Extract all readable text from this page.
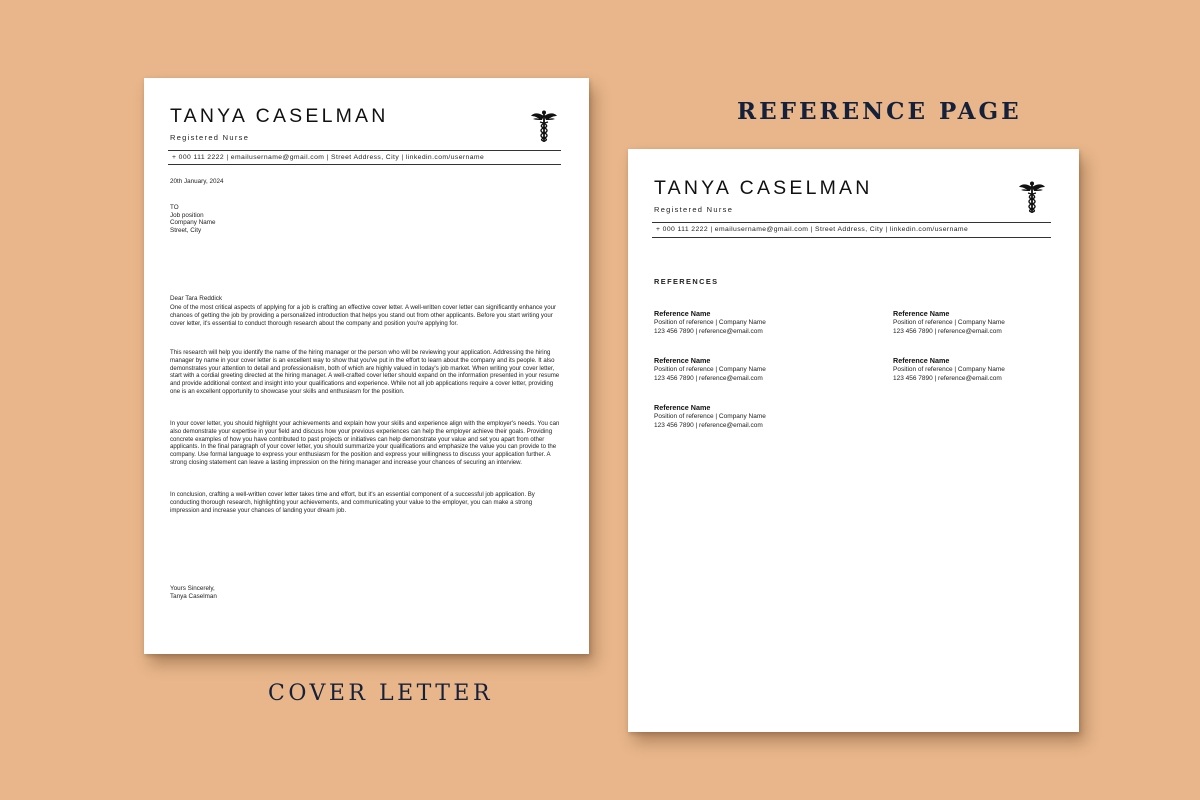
REFERENCE PAGE
TANYA CASELMAN
Registered Nurse
+ 000 111 2222 | emailusername@gmail.com | Street Address, City | linkedin.com/username
20th January, 2024
TO
Job position
Company Name
Street, City
Dear Tara Reddick
One of the most critical aspects of applying for a job is crafting an effective cover letter. A well-written cover letter can significantly enhance your chances of getting the job by providing a personalized introduction that helps you stand out from other applicants. Before you start writing your cover letter, it's essential to conduct thorough research about the company and position you're applying for.
This research will help you identify the name of the hiring manager or the person who will be reviewing your application. Addressing the hiring manager by name in your cover letter is an excellent way to show that you've put in the effort to learn about the company and its people. It also demonstrates your attention to detail and professionalism, both of which are highly valued in today's job market. When writing your cover letter, start with a cordial greeting directed at the hiring manager. A well-crafted cover letter should expand on the information presented in your resume and provide additional context and insight into your qualifications and experience. While not all job applications require a cover letter, providing one is an excellent opportunity to showcase your skills and enthusiasm for the position.
In your cover letter, you should highlight your achievements and explain how your skills and experience align with the employer's needs. You can also demonstrate your expertise in your field and discuss how your previous experiences can help the employer achieve their goals. Providing concrete examples of how you have contributed to past projects or initiatives can help demonstrate your value and set you apart from other applicants. In the final paragraph of your cover letter, you should summarize your qualifications and emphasize the value you can provide to the company. Use formal language to express your enthusiasm for the position and express your willingness to discuss your application further. A strong closing statement can leave a lasting impression on the hiring manager and increase your chances of securing an interview.
In conclusion, crafting a well-written cover letter takes time and effort, but it's an essential component of a successful job application. By conducting thorough research, highlighting your achievements, and communicating your value to the employer, you can make a strong impression and increase your chances of landing your dream job.
Yours Sincerely,
Tanya Caselman
TANYA CASELMAN
Registered Nurse
+ 000 111 2222 | emailusername@gmail.com | Street Address, City | linkedin.com/username
REFERENCES
Reference Name
Position of reference | Company Name
123 456 7890 | reference@email.com
Reference Name
Position of reference | Company Name
123 456 7890 | reference@email.com
Reference Name
Position of reference | Company Name
123 456 7890 | reference@email.com
Reference Name
Position of reference | Company Name
123 456 7890 | reference@email.com
Reference Name
Position of reference | Company Name
123 456 7890 | reference@email.com
COVER LETTER
